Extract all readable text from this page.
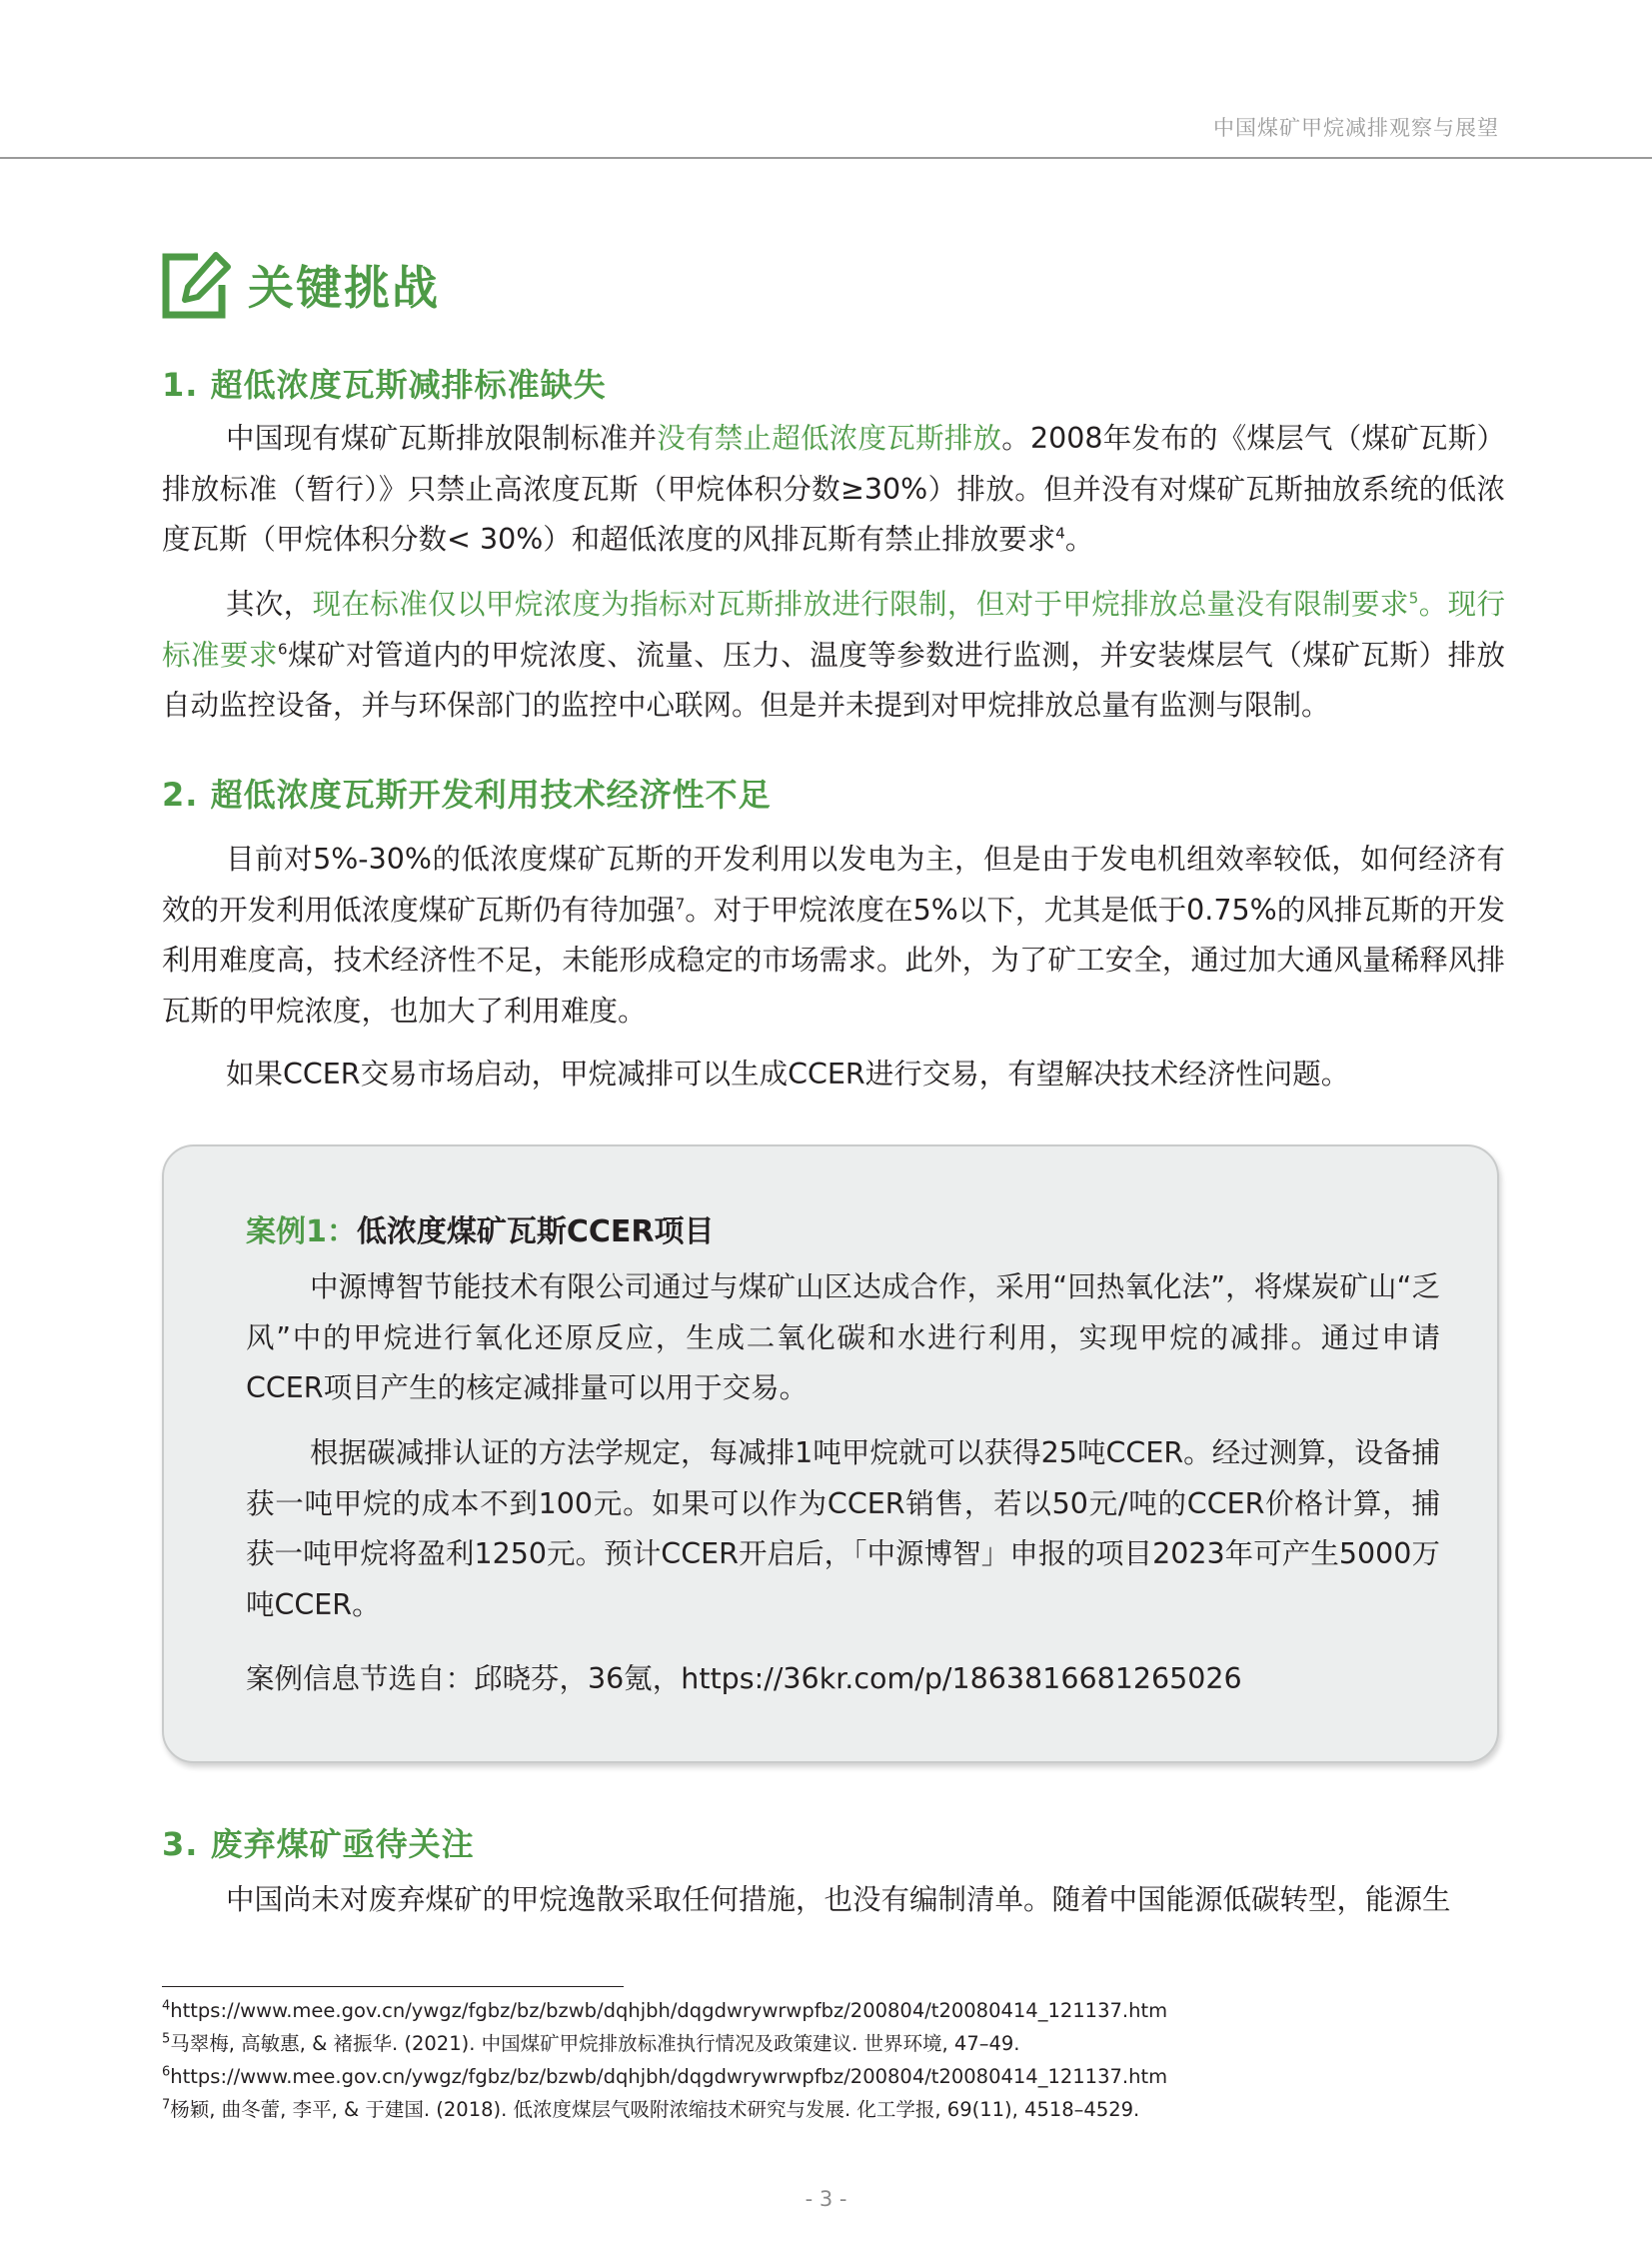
中国煤矿甲烷减排观察与展望
关键挑战
1. 超低浓度瓦斯减排标准缺失

中国现有煤矿瓦斯排放限制标准并没有禁止超低浓度瓦斯排放。2008年发布的《煤层气（煤矿瓦斯）排放标准（暂行）》只禁止高浓度瓦斯（甲烷体积分数≥30%）排放。但并没有对煤矿瓦斯抽放系统的低浓度瓦斯（甲烷体积分数< 30%）和超低浓度的风排瓦斯有禁止排放要求$^4$。

其次，现在标准仅以甲烷浓度为指标对瓦斯排放进行限制，但对于甲烷排放总量没有限制要求$^5$。现行标准要求$^6$煤矿对管道内的甲烷浓度、流量、压力、温度等参数进行监测，并安装煤层气（煤矿瓦斯）排放自动监控设备，并与环保部门的监控中心联网。但是并未提到对甲烷排放总量有监测与限制。

2. 超低浓度瓦斯开发利用技术经济性不足

目前对5%-30%的低浓度煤矿瓦斯的开发利用以发电为主，但是由于发电机组效率较低，如何经济有效的开发利用低浓度煤矿瓦斯仍有待加强$^7$。对于甲烷浓度在5%以下，尤其是低于0.75%的风排瓦斯的开发利用难度高，技术经济性不足，未能形成稳定的市场需求。此外，为了矿工安全，通过加大通风量稀释风排瓦斯的甲烷浓度，也加大了利用难度。

如果CCER交易市场启动，甲烷减排可以生成CCER进行交易，有望解决技术经济性问题。

案例1：低浓度煤矿瓦斯CCER项目

中源博智节能技术有限公司通过与煤矿山区达成合作，采用“回热氧化法”，将煤炭矿山“乏风”中的甲烷进行氧化还原反应，生成二氧化碳和水进行利用，实现甲烷的减排。通过申请CCER项目产生的核定减排量可以用于交易。

根据碳减排认证的方法学规定，每减排1吨甲烷就可以获得25吨CCER。经过测算，设备捕获一吨甲烷的成本不到100元。如果可以作为CCER销售，若以50元/吨的CCER价格计算，捕获一吨甲烷将盈利1250元。预计CCER开启后，「中源博智」申报的项目2023年可产生5000万吨CCER。

案例信息节选自：邱晓芬，36氪，https://36kr.com/p/1863816681265026
3. 废弃煤矿亟待关注

中国尚未对废弃煤矿的甲烷逸散采取任何措施，也没有编制清单。随着中国能源低碳转型，能源生

$^4$https://www.mee.gov.cn/ywgz/fgbz/bz/bzwb/dqhjbh/dqgdwrywrwpfbz/200804/t20080414_121137.htm
$^5$马翠梅, 高敏惠, & 褚振华. (2021). 中国煤矿甲烷排放标准执行情况及政策建议. 世界环境, 47–49.
$^6$https://www.mee.gov.cn/ywgz/fgbz/bz/bzwb/dqhjbh/dqgdwrywrwpfbz/200804/t20080414_121137.htm
$^7$杨颖, 曲冬蕾, 李平, & 于建国. (2018). 低浓度煤层气吸附浓缩技术研究与发展. 化工学报, 69(11), 4518–4529.
- 3 -
